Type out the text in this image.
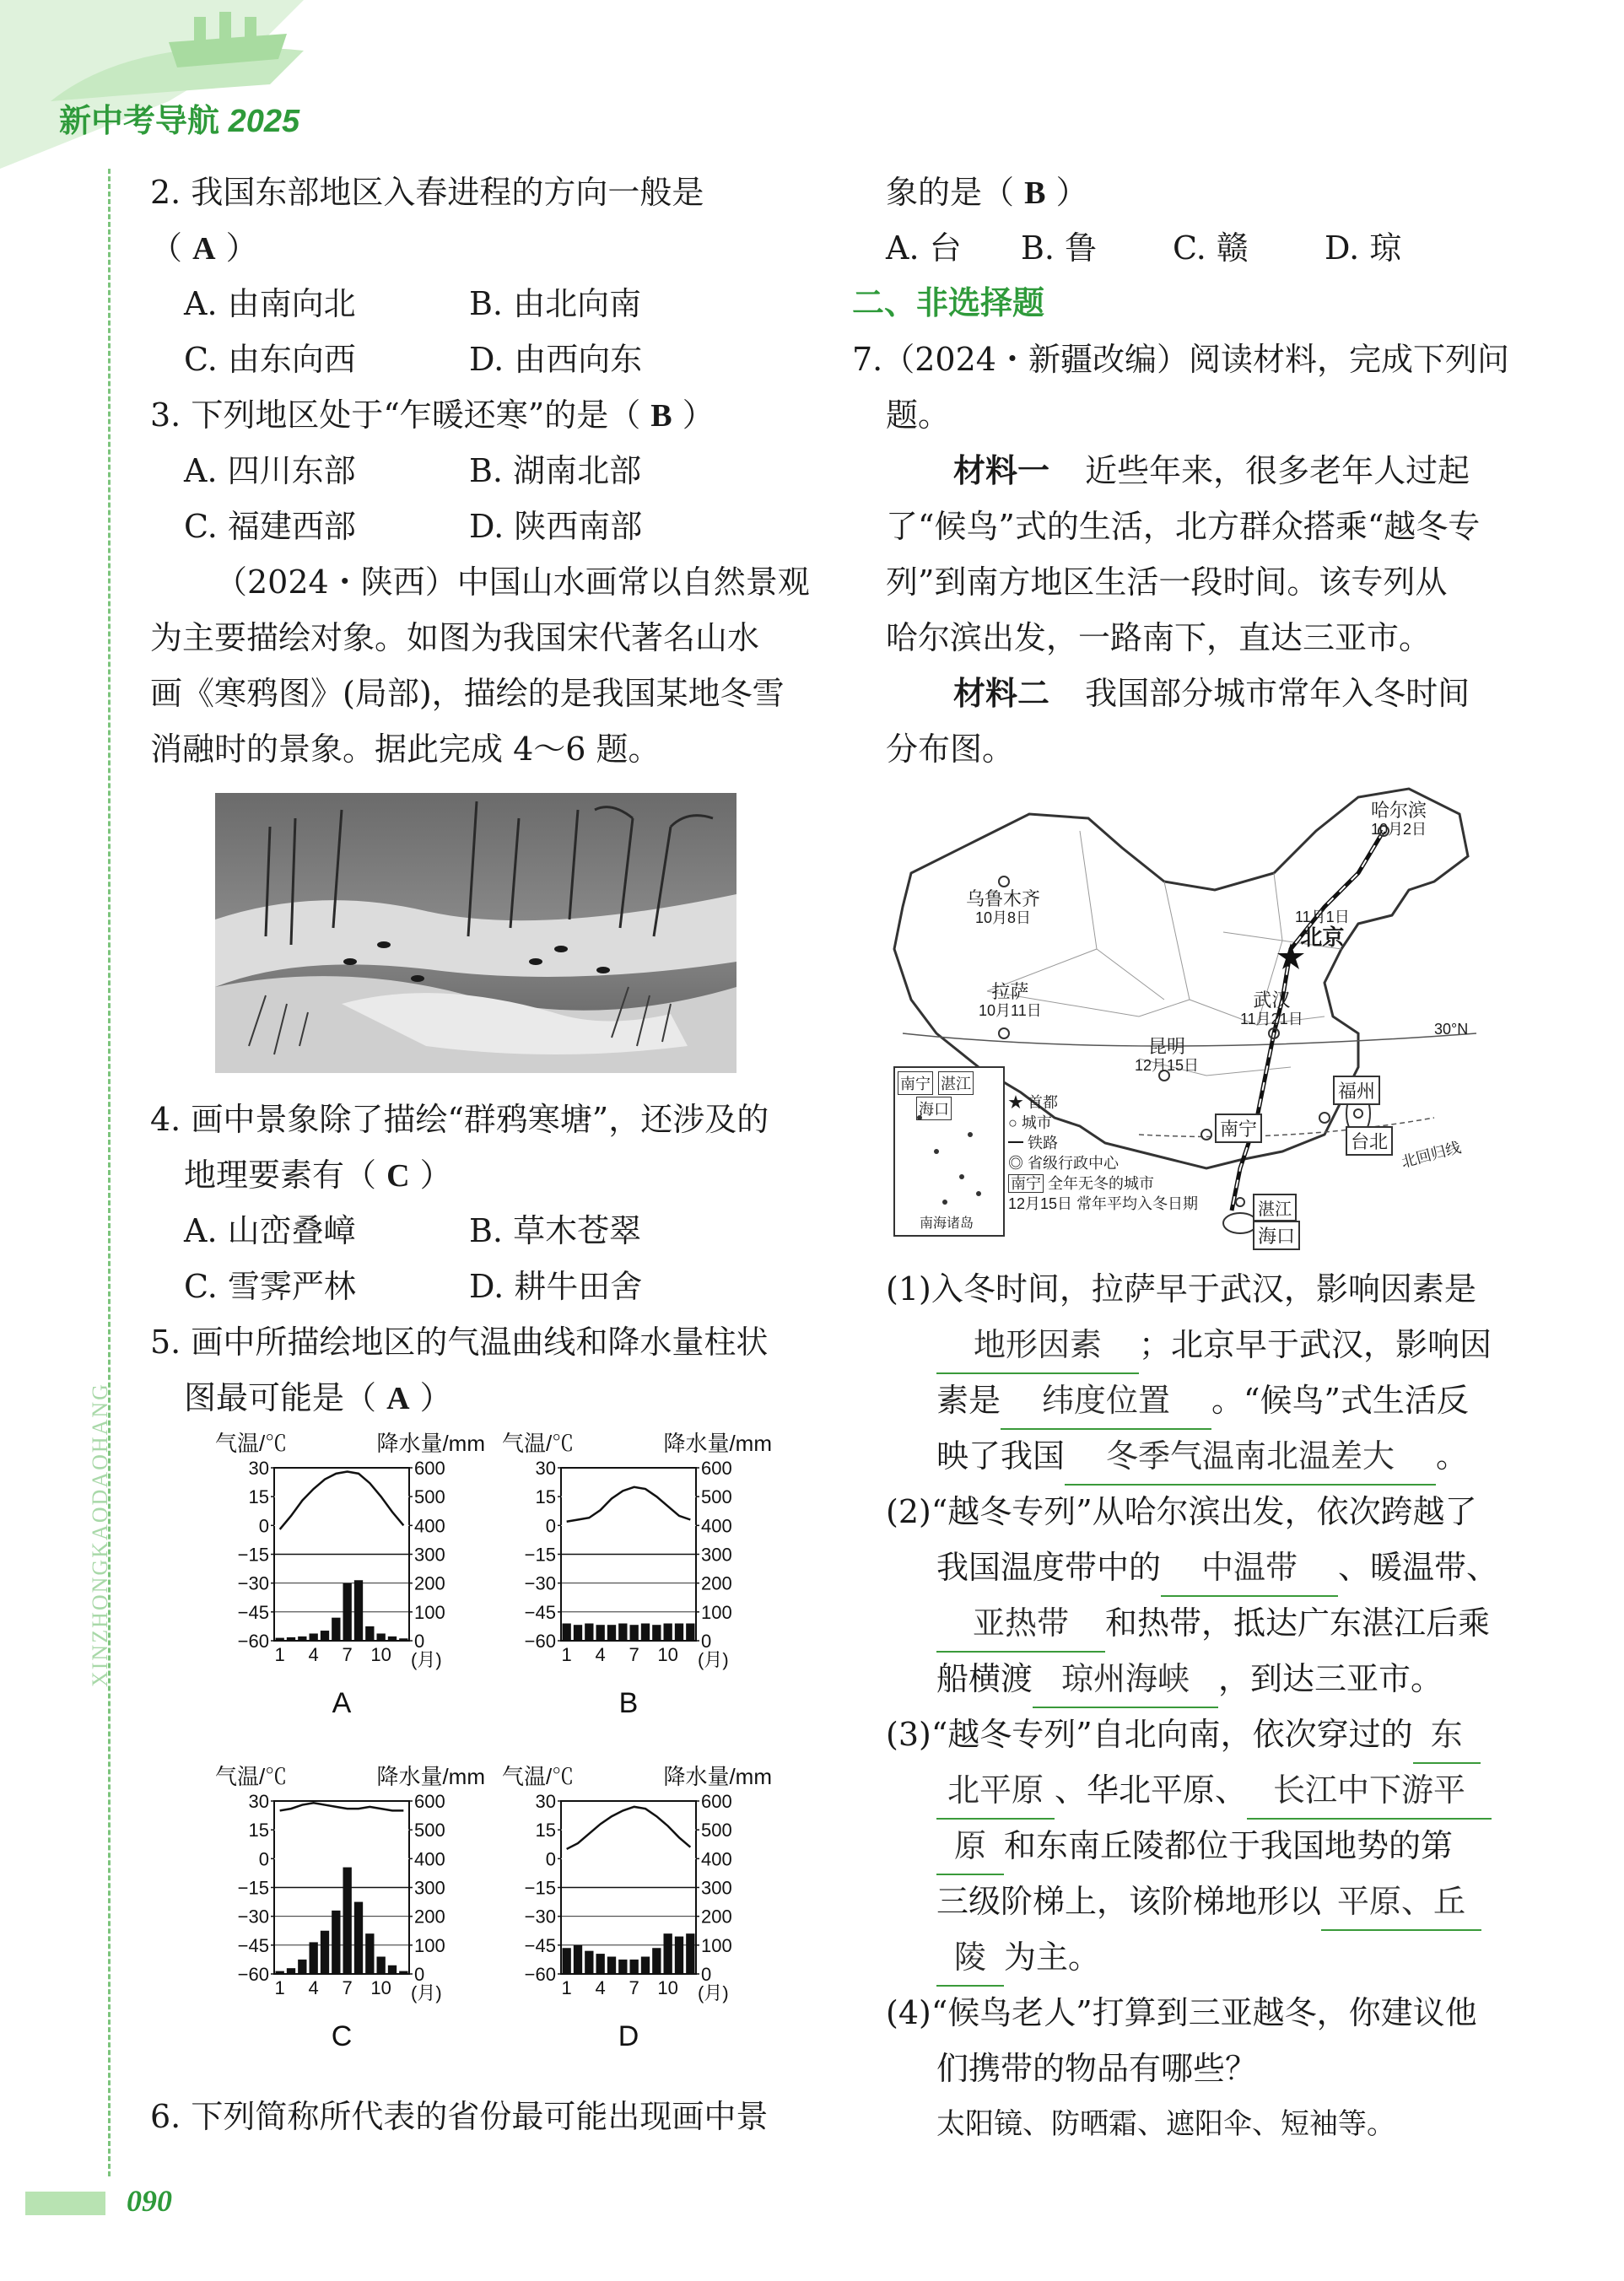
新中考导航 2025
XINZHONGKAODAOHANG
090
2. 我国东部地区入春进程的方向一般是
（ A ）
A. 由南向北	B. 由北向南
C. 由东向西	D. 由西向东
3. 下列地区处于“乍暖还寒”的是（ B ）
A. 四川东部	B. 湖南北部
C. 福建西部	D. 陕西南部
（2024・陕西）中国山水画常以自然景观
为主要描绘对象。如图为我国宋代著名山水
画《寒鸦图》(局部)，描绘的是我国某地冬雪
消融时的景象。据此完成 4～6 题。
4. 画中景象除了描绘“群鸦寒塘”，还涉及的
地理要素有（ C ）
A. 山峦叠嶂	B. 草木苍翠
C. 雪霁严林	D. 耕牛田舍
5. 画中所描绘地区的气温曲线和降水量柱状
图最可能是（ A ）
气温/℃	降水量/mm
30
15
0
−15
−30
−45
−60
600
500
400
300
200
100
0
1 4 7 10 (月)
A
气温/℃	降水量/mm
30
15
0
−15
−30
−45
−60
600
500
400
300
200
100
0
1 4 7 10 (月)
B
气温/℃	降水量/mm
30
15
0
−15
−30
−45
−60
600
500
400
300
200
100
0
1 4 7 10 (月)
C
气温/℃	降水量/mm
30
15
0
−15
−30
−45
−60
600
500
400
300
200
100
0
1 4 7 10 (月)
D
6. 下列简称所代表的省份最可能出现画中景
象的是（ B ）
A. 台 B. 鲁 C. 赣 D. 琼
二、非选择题
7.（2024・新疆改编）阅读材料，完成下列问
题。
材料一 近些年来，很多老年人过起
了“候鸟”式的生活，北方群众搭乘“越冬专
列”到南方地区生活一段时间。该专列从
哈尔滨出发，一路南下，直达三亚市。
材料二 我国部分城市常年入冬时间
分布图。
哈尔滨
10月2日
乌鲁木齐
10月8日	11月1日
北京
拉萨
10月11日	武汉
11月21日
昆明
12月15日
南宁
福州
台北
湛江
海口
30°N
北回归线
南宁 湛江
海口
南海诸岛
★ 首都
○ 城市
━ 铁路
◎ 省级行政中心
南宁 全年无冬的城市
12月15日 常年平均入冬日期
(1)入冬时间，拉萨早于武汉，影响因素是
地形因素 ；北京早于武汉，影响因
素是 纬度位置 。“候鸟”式生活反
映了我国 冬季气温南北温差大 。
(2)“越冬专列”从哈尔滨出发，依次跨越了
我国温度带中的 中温带 、暖温带、
亚热带 和热带，抵达广东湛江后乘
船横渡 琼州海峡 ，到达三亚市。
(3)“越冬专列”自北向南，依次穿过的 东
北平原 、华北平原、 长江中下游平
原 和东南丘陵都位于我国地势的第
三级阶梯上，该阶梯地形以 平原、丘
陵 为主。
(4)“候鸟老人”打算到三亚越冬，你建议他
们携带的物品有哪些？
太阳镜、防晒霜、遮阳伞、短袖等。
